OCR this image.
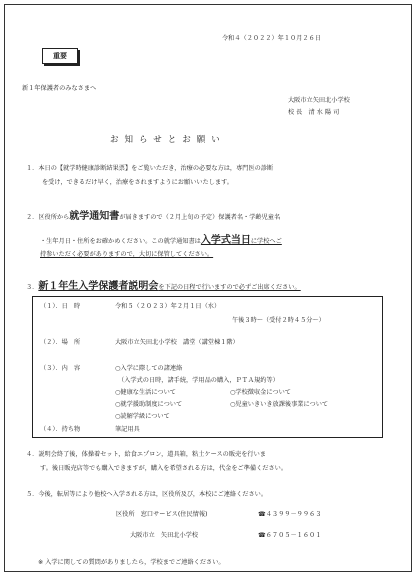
重要
令和４（２０２２）年１０月２６日
新１年保護者のみなさまへ
大阪市立矢田北小学校
校 長　清 水 陽 司
お知らせとお願い
１．本日の【就学時健康診断結果票】をご覧いただき，治療の必要な方は，専門医の診断
を受け，できるだけ早く，治療をされますようにお願いいたします。
２．区役所から就学通知書が届きますので（２月上旬の予定）保護者名・学齢児童名
・生年月日・住所をお確かめください。この就学通知書は入学式当日に学校へご
持参いただく必要がありますので，大切に保管してください。
３．新１年生入学保護者説明会を下記の日程で行いますので必ずご出席ください。
（１）．日　時	令和５（２０２３）年２月１日（水）
午後３時～（受付２時４５分～）
（２）．場　所	大阪市立矢田北小学校　講堂（講堂棟１階）
（３）．内　容	○入学に際しての諸連絡
（入学式の日時，諸手続，学用品の購入，ＰＴＡ規約等）
○健康な生活について	○学校徴収金について
○就学援助制度について	○児童いきいき放課後事業について
○読解学級について
（４）．持ち物	筆記用具
４．説明会終了後，体操着セット，給食エプロン，道具箱，粘土ケースの販売を行いま
す。後日販売店等でも購入できますが，購入を希望される方は，代金をご準備ください。
５．今後，転居等により他校へ入学される方は，区役所及び，本校にご連絡ください。
区役所　窓口サービス(住民情報)	☎４３９９－９９６３
大阪市立　矢田北小学校	☎６７０５－１６０１
※ 入学に関しての質問がありましたら，学校までご連絡ください。
